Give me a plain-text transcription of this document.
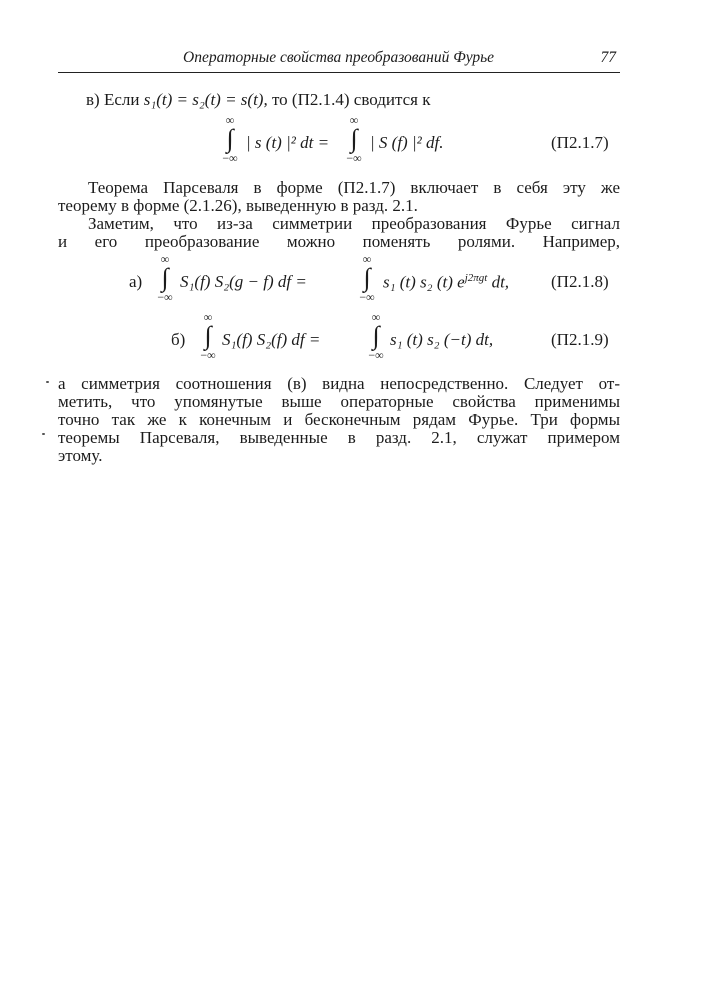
Операторные свойства преобразований Фурье	77
в) Если s₁(t) = s₂(t) = s(t), то (П2.1.4) сводится к
∞
∫
−∞
| s (t) |² dt =
∞
∫
−∞
| S (f) |² df.	(П2.1.7)
Теорема Парсеваля в форме (П2.1.7) включает в себя эту же
теорему в форме (2.1.26), выведенную в разд. 2.1.
Заметим, что из-за симметрии преобразования Фурье сигнал
и его преобразование можно поменять ролями. Например,
а)
∞
∫
−∞
S₁(f) S₂(g − f) df =
∞
∫
−∞
s₁ (t) s₂ (t) $e^{j2\pi gt}$ dt, (П2.1.8)
б)
∞
∫
−∞
S₁(f) S₂(f) df =
∞
∫
−∞
s₁ (t) s₂ (−t) dt,	(П2.1.9)
а симметрия соотношения (в) видна непосредственно. Следует от-
метить, что упомянутые выше операторные свойства применимы
точно так же к конечным и бесконечным рядам Фурье. Три формы
теоремы Парсеваля, выведенные в разд. 2.1, служат примером
этому.
